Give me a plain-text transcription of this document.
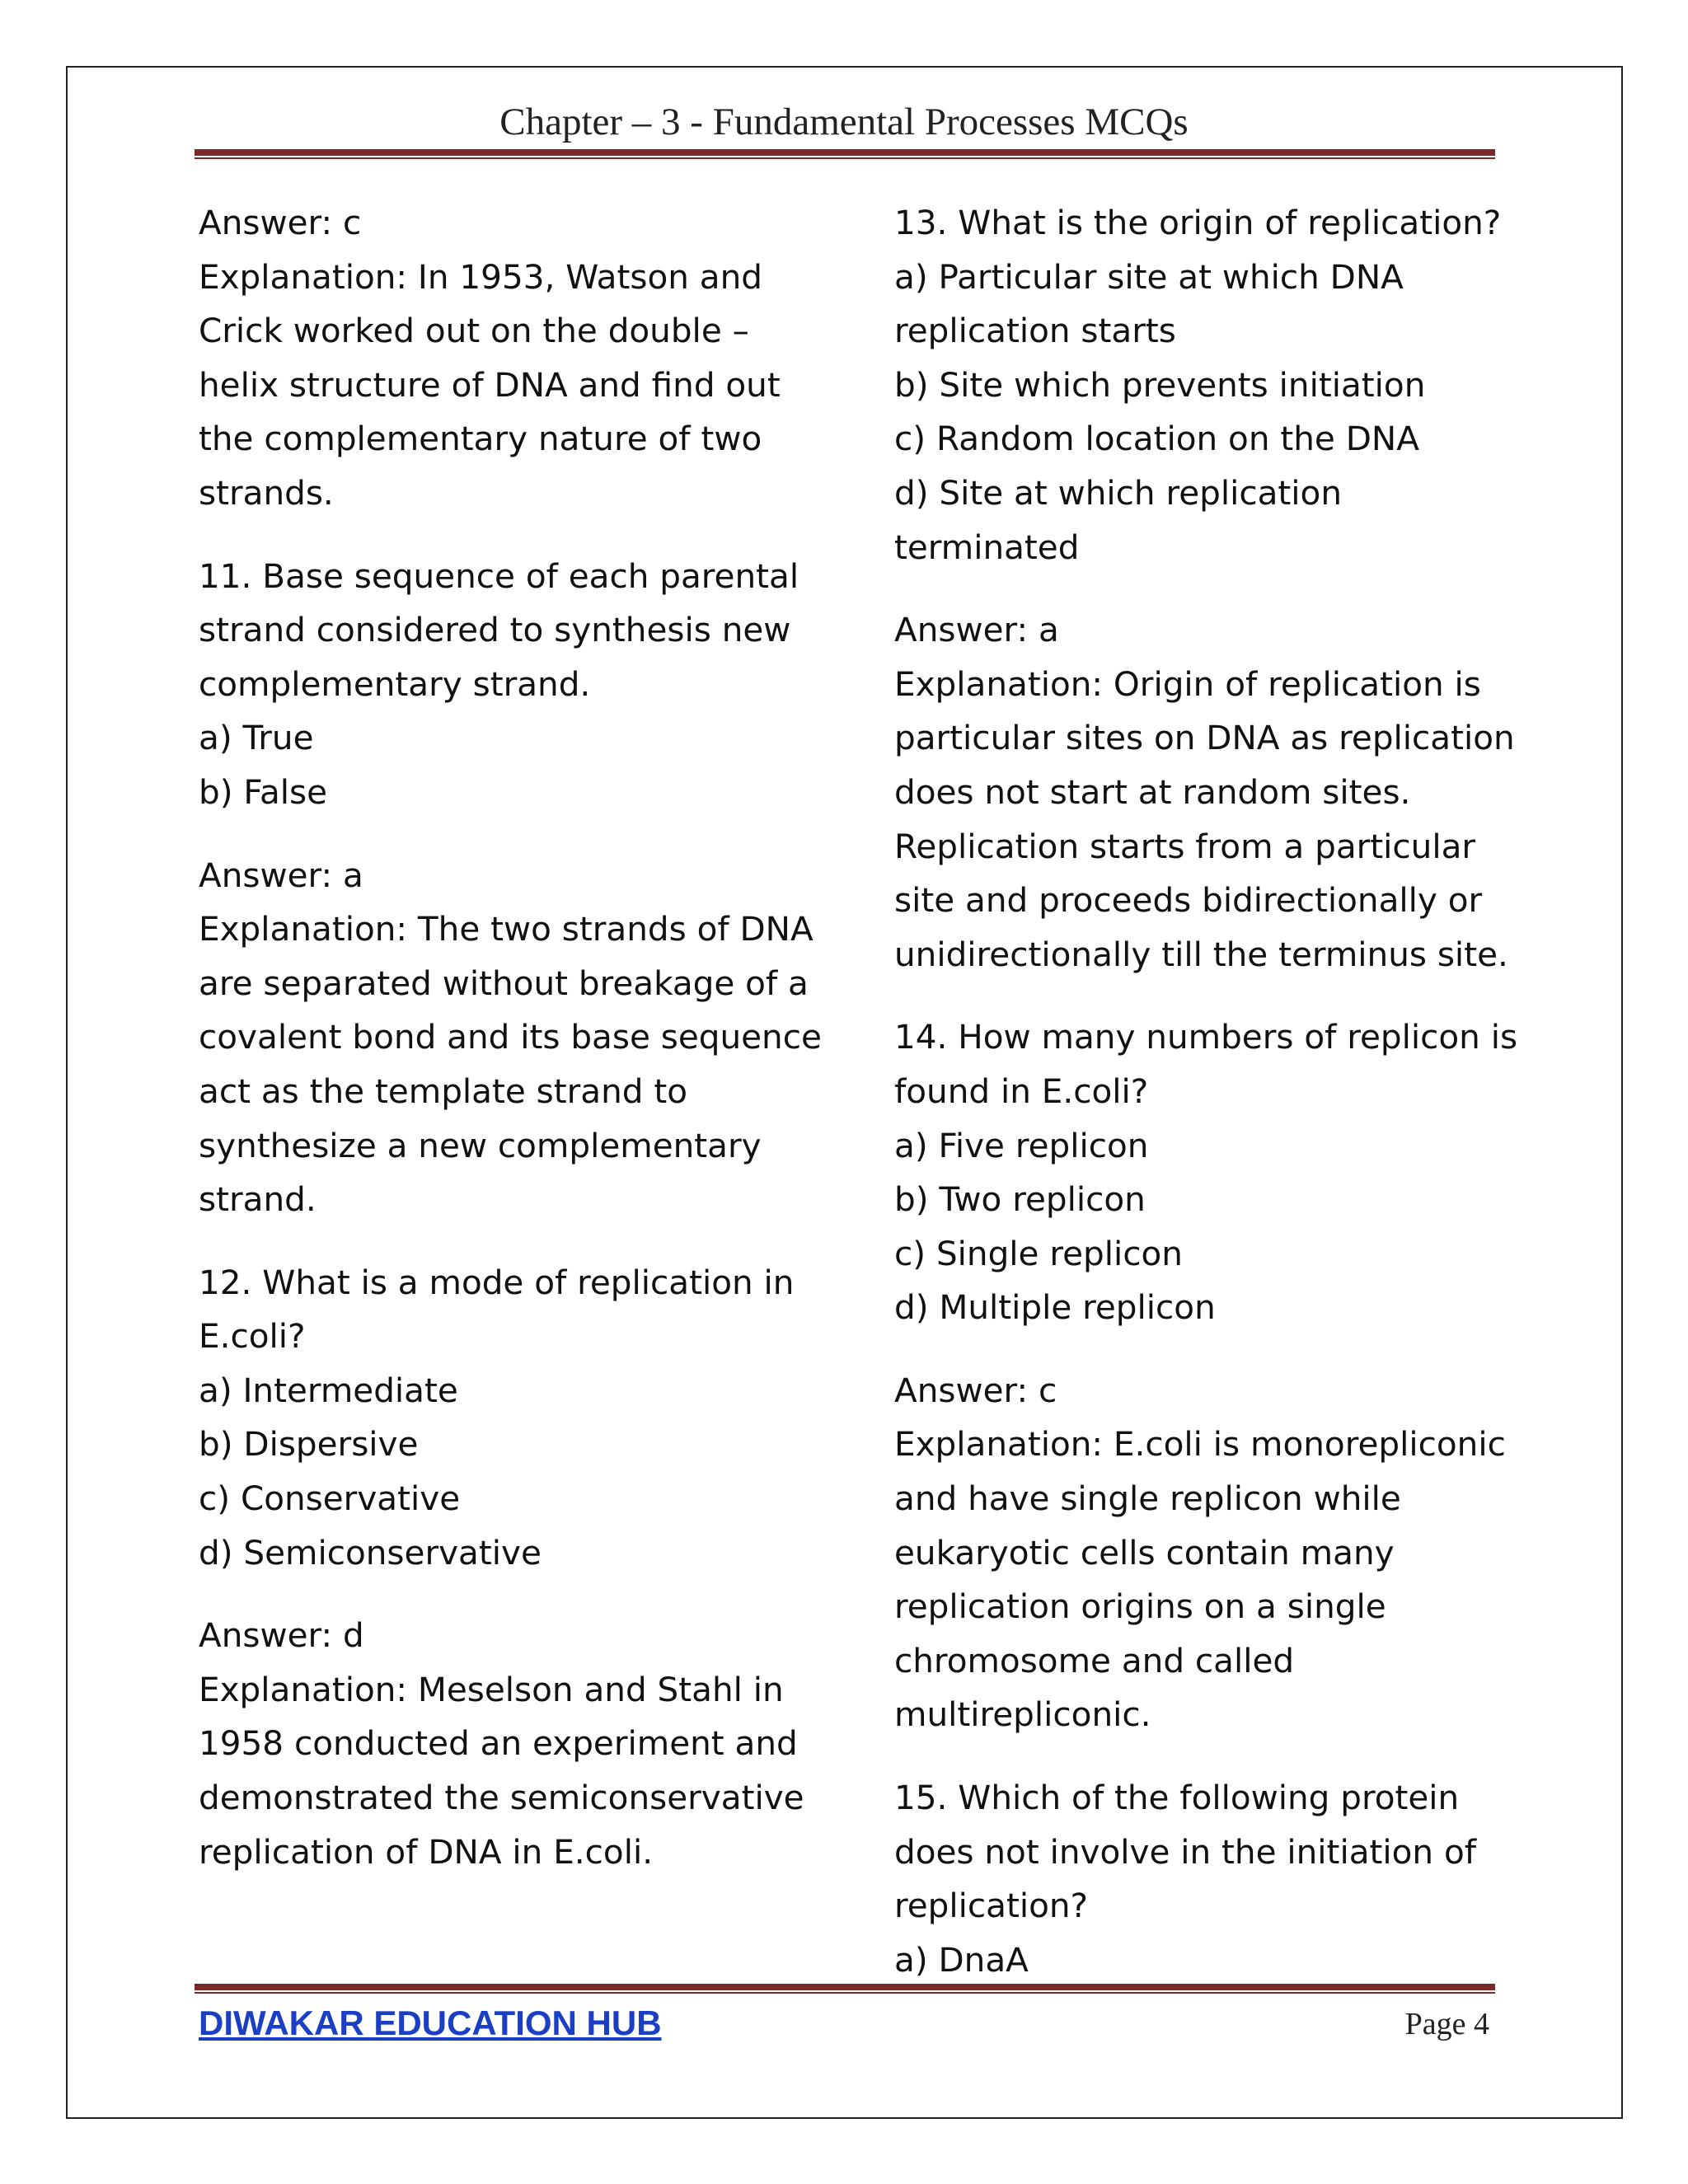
Chapter – 3 - Fundamental Processes MCQs
Answer: c
Explanation: In 1953, Watson and
Crick worked out on the double –
helix structure of DNA and find out
the complementary nature of two
strands.
11. Base sequence of each parental
strand considered to synthesis new
complementary strand.
a) True
b) False
Answer: a
Explanation: The two strands of DNA
are separated without breakage of a
covalent bond and its base sequence
act as the template strand to
synthesize a new complementary
strand.
12. What is a mode of replication in
E.coli?
a) Intermediate
b) Dispersive
c) Conservative
d) Semiconservative
Answer: d
Explanation: Meselson and Stahl in
1958 conducted an experiment and
demonstrated the semiconservative
replication of DNA in E.coli.
13. What is the origin of replication?
a) Particular site at which DNA
replication starts
b) Site which prevents initiation
c) Random location on the DNA
d) Site at which replication
terminated
Answer: a
Explanation: Origin of replication is
particular sites on DNA as replication
does not start at random sites.
Replication starts from a particular
site and proceeds bidirectionally or
unidirectionally till the terminus site.
14. How many numbers of replicon is
found in E.coli?
a) Five replicon
b) Two replicon
c) Single replicon
d) Multiple replicon
Answer: c
Explanation: E.coli is monorepliconic
and have single replicon while
eukaryotic cells contain many
replication origins on a single
chromosome and called
multirepliconic.
15. Which of the following protein
does not involve in the initiation of
replication?
a) DnaA
DIWAKAR EDUCATION HUB	Page 4
